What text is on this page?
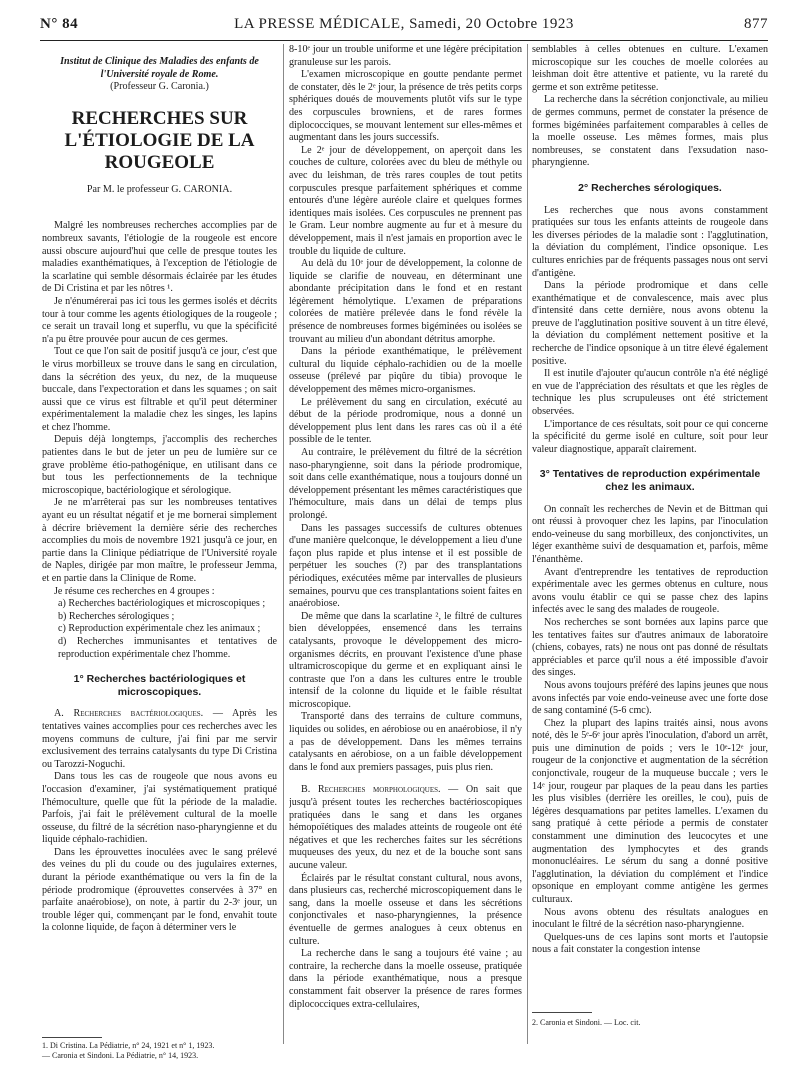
N° 84	LA PRESSE MÉDICALE, Samedi, 20 Octobre 1923	877

Institut de Clinique des Maladies des enfants de l'Université royale de Rome.

(Professeur G. Caronia.)

RECHERCHES SUR L'ÉTIOLOGIE DE LA ROUGEOLE

Par M. le professeur G. CARONIA.

Malgré les nombreuses recherches accomplies par de nombreux savants, l'étiologie de la rougeole est encore aussi obscure aujourd'hui que celle de presque toutes les maladies exanthématiques, à l'exception de l'étiologie de la scarlatine qui semble désormais éclairée par les études de Di Cristina et par les nôtres ¹.

Je n'énumérerai pas ici tous les germes isolés et décrits tour à tour comme les agents étiologiques de la rougeole ; ce serait un travail long et superflu, vu que la spécificité n'a pu être prouvée pour aucun de ces germes.

Tout ce que l'on sait de positif jusqu'à ce jour, c'est que le virus morbilleux se trouve dans le sang en circulation, dans la sécrétion des yeux, du nez, de la muqueuse buccale, dans l'expectoration et dans les squames ; on sait aussi que ce virus est filtrable et qu'il peut déterminer expérimentalement la maladie chez les singes, les lapins et chez l'homme.

Depuis déjà longtemps, j'accomplis des recherches patientes dans le but de jeter un peu de lumière sur ce grave problème étio-pathogénique, en utilisant dans ce but tous les perfectionnements de la technique microscopique, bactériologique et sérologique.

Je ne m'arrêterai pas sur les nombreuses tentatives ayant eu un résultat négatif et je me bornerai simplement à décrire brièvement la dernière série des recherches accomplies du mois de novembre 1921 jusqu'à ce jour, en partie dans la Clinique pédiatrique de l'Université royale de Naples, dirigée par mon maître, le professeur Jemma, et en partie dans la Clinique de Rome.

Je résume ces recherches en 4 groupes :

a) Recherches bactériologiques et microscopiques ;
b) Recherches sérologiques ;
c) Reproduction expérimentale chez les animaux ;
d) Recherches immunisantes et tentatives de reproduction expérimentale chez l'homme.
1° Recherches bactériologiques et microscopiques.

A. Recherches bactériologiques. — Après les tentatives vaines accomplies pour ces recherches avec les moyens communs de culture, j'ai fini par me servir exclusivement des terrains catalysants du type Di Cristina ou Tarozzi-Noguchi.

Dans tous les cas de rougeole que nous avons eu l'occasion d'examiner, j'ai systématiquement pratiqué l'hémoculture, quelle que fût la période de la maladie. Parfois, j'ai fait le prélèvement cultural de la moelle osseuse, du filtré de la sécrétion naso-pharyngienne et du liquide céphalo-rachidien.

Dans les éprouvettes inoculées avec le sang prélevé des veines du pli du coude ou des jugulaires externes, durant la période exanthématique ou vers la fin de la période prodromique (éprouvettes conservées à 37° en parfaite anaérobiose), on note, à partir du 2-3ᵉ jour, un trouble léger qui, commençant par le fond, envahit toute la colonne liquide, de façon à déterminer vers le

8-10ᵉ jour un trouble uniforme et une légère précipitation granuleuse sur les parois.

L'examen microscopique en goutte pendante permet de constater, dès le 2ᵉ jour, la présence de très petits corps sphériques doués de mouvements plutôt vifs sur le type des corpuscules browniens, et de rares formes diplococciques, se mouvant lentement sur elles-mêmes et augmentant dans les jours successifs.

Le 2ᵉ jour de développement, on aperçoit dans les couches de culture, colorées avec du bleu de méthyle ou avec du leishman, de très rares couples de tout petits corpuscules presque parfaitement sphériques et comme entourés d'une légère auréole claire et quelques formes identiques mais isolées. Ces corpuscules ne prennent pas le Gram. Leur nombre augmente au fur et à mesure du développement, mais il n'est jamais en proportion avec le trouble du liquide de culture.

Au delà du 10ᵉ jour de développement, la colonne de liquide se clarifie de nouveau, en déterminant une abondante précipitation dans le fond et en restant légèrement hémolytique. L'examen de préparations colorées de matière prélevée dans le fond révèle la présence de nombreuses formes bigéminées ou isolées se trouvant au milieu d'un abondant détritus amorphe.

Dans la période exanthématique, le prélèvement cultural du liquide céphalo-rachidien ou de la moelle osseuse (prélevé par piqûre du tibia) provoque le développement des mêmes micro-organismes.

Le prélèvement du sang en circulation, exécuté au début de la période prodromique, nous a donné un développement plus lent dans les rares cas où il a été possible de le tenter.

Au contraire, le prélèvement du filtré de la sécrétion naso-pharyngienne, soit dans la période prodromique, soit dans celle exanthématique, nous a toujours donné un développement présentant les mêmes caractéristiques que l'hémoculture, mais dans un délai de temps plus prolongé.

Dans les passages successifs de cultures obtenues d'une manière quelconque, le développement a lieu d'une façon plus rapide et plus intense et il est possible de perpétuer les souches (?) par des transplantations périodiques, exécutées même par intervalles de plusieurs semaines, pourvu que ces transplantations soient faites en anaérobiose.

De même que dans la scarlatine ², le filtré de cultures bien développées, ensemencé dans les terrains catalysants, provoque le développement des micro-organismes décrits, en prouvant l'existence d'une phase ultramicroscopique du germe et en expliquant ainsi le contraste que l'on a dans les cultures entre le trouble intensif de la colonne du liquide et le faible résultat microscopique.

Transporté dans des terrains de culture communs, liquides ou solides, en aérobiose ou en anaérobiose, il n'y a pas de développement. Dans les mêmes terrains catalysants en aérobiose, on a un faible développement dans le fond aux premiers passages, puis plus rien.

B. Recherches morphologiques. — On sait que jusqu'à présent toutes les recherches bactérioscopiques pratiquées dans le sang et dans les organes hémopoïétiques des malades atteints de rougeole ont été négatives et que les recherches faites sur les sécrétions muqueuses des yeux, du nez et de la bouche sont sans aucune valeur.

Éclairés par le résultat constant cultural, nous avons, dans plusieurs cas, recherché microscopiquement dans le sang, dans la moelle osseuse et dans les sécrétions conjonctivales et naso-pharyngiennes, la présence éventuelle de germes analogues à ceux obtenus en culture.

La recherche dans le sang a toujours été vaine ; au contraire, la recherche dans la moelle osseuse, pratiquée dans la période exanthématique, nous a presque constamment fait observer la présence de rares formes diplococciques extra-cellulaires,

semblables à celles obtenues en culture. L'examen microscopique sur les couches de moelle colorées au leishman doit être attentive et patiente, vu la rareté du germe et son extrême petitesse.

La recherche dans la sécrétion conjonctivale, au milieu de germes communs, permet de constater la présence de formes bigéminées parfaitement comparables à celles de la moelle osseuse. Les mêmes formes, mais plus nombreuses, se constatent dans l'exsudation naso-pharyngienne.

2° Recherches sérologiques.

Les recherches que nous avons constamment pratiquées sur tous les enfants atteints de rougeole dans les diverses périodes de la maladie sont : l'agglutination, la déviation du complément, l'indice opsonique. Les cultures enrichies par de fréquents passages nous ont servi d'antigène.

Dans la période prodromique et dans celle exanthématique et de convalescence, mais avec plus d'intensité dans cette dernière, nous avons obtenu la preuve de l'agglutination positive souvent à un titre élevé, la déviation du complément nettement positive et la recherche de l'indice opsonique à un titre élevé également positive.

Il est inutile d'ajouter qu'aucun contrôle n'a été négligé en vue de l'appréciation des résultats et que les règles de technique les plus scrupuleuses ont été strictement observées.

L'importance de ces résultats, soit pour ce qui concerne la spécificité du germe isolé en culture, soit pour leur valeur diagnostique, apparaît clairement.

3° Tentatives de reproduction expérimentale chez les animaux.

On connaît les recherches de Nevin et de Bittman qui ont réussi à provoquer chez les lapins, par l'inoculation endo-veineuse du sang morbilleux, des conjonctivites, un léger exanthème suivi de desquamation et, parfois, même l'énanthème.

Avant d'entreprendre les tentatives de reproduction expérimentale avec les germes obtenus en culture, nous avons voulu établir ce qui se passe chez des lapins infectés avec le sang des malades de rougeole.

Nos recherches se sont bornées aux lapins parce que les tentatives faites sur d'autres animaux de laboratoire (chiens, cobayes, rats) ne nous ont pas donné de résultats appréciables et parce qu'il nous a été impossible d'avoir des singes.

Nous avons toujours préféré des lapins jeunes que nous avons infectés par voie endo-veineuse avec une forte dose de sang contaminé (5-6 cmc).

Chez la plupart des lapins traités ainsi, nous avons noté, dès le 5ᵉ-6ᵉ jour après l'inoculation, d'abord un arrêt, puis une diminution de poids ; vers le 10ᵉ-12ᵉ jour, rougeur de la conjonctive et augmentation de la sécrétion conjonctivale, rougeur de la muqueuse buccale ; vers le 14ᵉ jour, rougeur par plaques de la peau dans les parties les plus visibles (derrière les oreilles, le cou), puis de légères desquamations par petites lamelles. L'examen du sang pratiqué à cette période a permis de constater constamment une diminution des leucocytes et une augmentation des lymphocytes et des grands mononucléaires. Le sérum du sang a donné positive l'agglutination, la déviation du complément et l'indice opsonique en employant comme antigène les germes culturaux.

Nous avons obtenu des résultats analogues en inoculant le filtré de la sécrétion naso-pharyngienne.

Quelques-uns de ces lapins sont morts et l'autopsie nous a fait constater la congestion intense

1. Di Cristina. La Pédiatrie, n° 24, 1921 et n° 1, 1923.
— Caronia et Sindoni. La Pédiatrie, n° 14, 1923.
2. Caronia et Sindoni. — Loc. cit.
